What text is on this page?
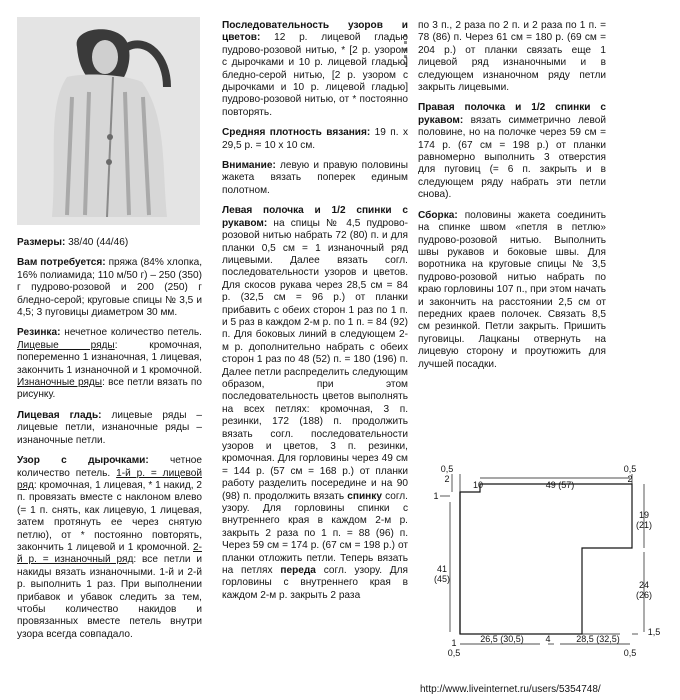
Размеры: 38/40 (44/46)

Вам потребуется: пряжа (84% хлопка, 16% полиамида; 110 м/50 г) – 250 (350) г пудрово-розовой и 200 (250) г бледно-серой; круговые спицы № 3,5 и 4,5; 3 пуговицы диаметром 30 мм.

Резинка: нечетное количество петель. Лицевые ряды: кромочная, попеременно 1 изнаночная, 1 лицевая, закончить 1 изнаночной и 1 кромочной. Изнаночные ряды: все петли вязать по рисунку.

Лицевая гладь: лицевые ряды – лицевые петли, изнаночные ряды – изнаночные петли.

Узор с дырочками: четное количество петель. 1-й р. = лицевой ряд: кромочная, 1 лицевая, * 1 накид, 2 п. провязать вместе с наклоном влево (= 1 п. снять, как лицевую, 1 лицевая, затем протянуть ее через снятую петлю), от * постоянно повторять, закончить 1 лицевой и 1 кромочной. 2-й р. = изнаночный ряд: все петли и накиды вязать изнаночными. 1-й и 2-й р. выполнить 1 раз. При выполнении прибавок и убавок следить за тем, чтобы количество накидов и провязанных вместе петель внутри узора всегда совпадало.

Последовательность узоров и цветов: 12 р. лицевой гладью пудрово-розовой нитью, * [2 р. узором с дырочками и 10 р. лицевой гладью] бледно-серой нитью, [2 р. узором с дырочками и 10 р. лицевой гладью] пудрово-розовой нитью, от * постоянно повторять.

Средняя плотность вязания: 19 п. х 29,5 р. = 10 х 10 см.

Внимание: левую и правую половины жакета вязать поперек единым полотном.

Левая полочка и 1/2 спинки с рукавом: на спицы № 4,5 пудрово-розовой нитью набрать 72 (80) п. и для планки 0,5 см = 1 изнаночный ряд лицевыми. Далее вязать согл. последовательности узоров и цветов. Для скосов рукава через 28,5 см = 84 р. (32,5 см = 96 р.) от планки прибавить с обеих сторон 1 раз по 1 п. и 5 раз в каждом 2-м р. по 1 п. = 84 (92) п. Для боковых линий в следующем 2-м р. дополнительно набрать с обеих сторон 1 раз по 48 (52) п. = 180 (196) п. Далее петли распределить следующим образом, при этом последовательность цветов выполнять на всех петлях: кромочная, 3 п. резинки, 172 (188) п. продолжить вязать согл. последовательности узоров и цветов, 3 п. резинки, кромочная. Для горловины через 49 см = 144 р. (57 см = 168 р.) от планки работу разделить посередине и на 90 (98) п. продолжить вязать спинку согл. узору. Для горловины спинки с внутреннего края в каждом 2-м р. закрыть 2 раза по 1 п. = 88 (96) п. Через 59 см = 174 р. (67 см = 198 р.) от планки отложить петли. Теперь вязать на петлях переда согл. узору. Для горловины с внутреннего края в каждом 2-м р. закрыть 2 раза

по 3 п., 2 раза по 2 п. и 2 раза по 1 п. = 78 (86) п. Через 61 см = 180 р. (69 см = 204 р.) от планки связать еще 1 лицевой ряд изнаночными и в следующем изнаночном ряду петли закрыть лицевыми.

Правая полочка и 1/2 спинки с рукавом: вязать симметрично левой половине, но на полочке через 59 см = 174 р. (67 см = 198 р.) от планки равномерно выполнить 3 отверстия для пуговиц (= 6 п. закрыть и в следующем ряду набрать эти петли снова).

Сборка: половины жакета соединить на спинке швом «петля в петлю» пудрово-розовой нитью. Выполнить швы рукавов и боковые швы. Для воротника на круговые спицы № 3,5 пудрово-розовой нитью набрать по краю горловины 107 п., при этом начать и закончить на расстоянии 2,5 см от передних краев полочек. Связать 8,5 см резинкой. Петли закрыть. Пришить пуговицы. Лацканы отвернуть на лицевую сторону и проутюжить для лучшей посадки.

0,5
2
0,5
2
10	49 (57)
1
19
(21)
41
(45)
24
(26)
1,5
1
0,5
26,5 (30,5) 4	28,5 (32,5)
0,5
http://www.liveinternet.ru/users/5354748/
